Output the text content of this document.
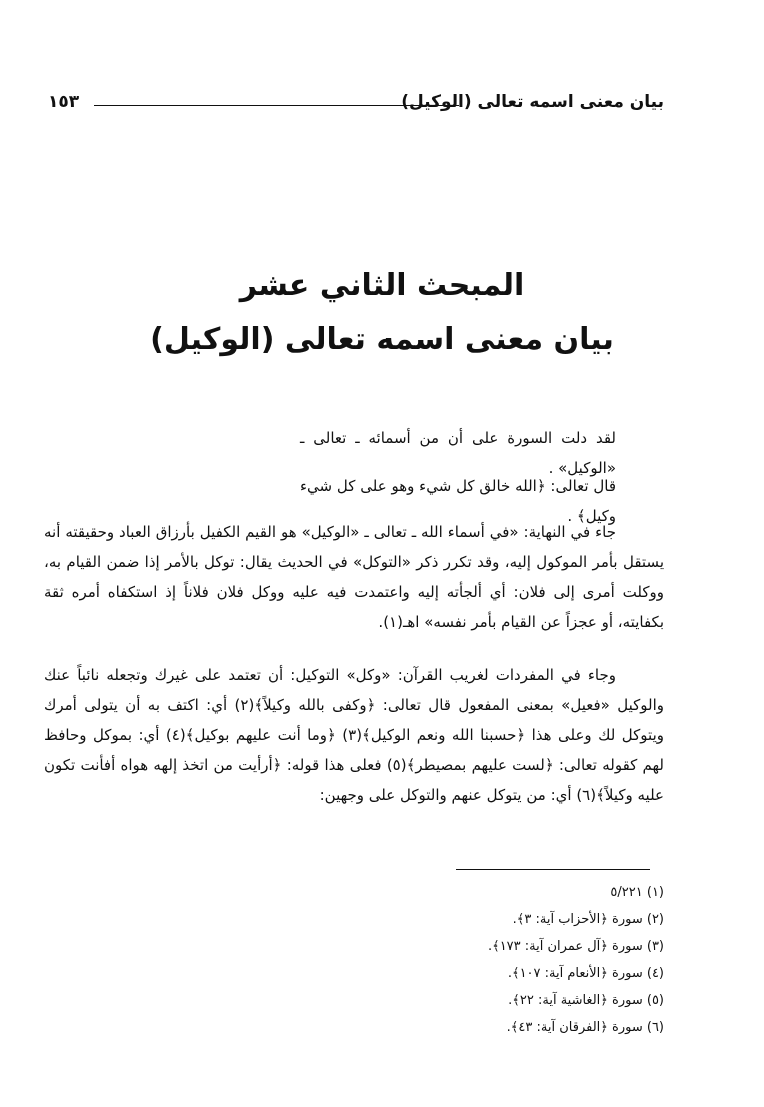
بيان معنى اسمه تعالى (الوكيل)
١٥٣
المبحث الثاني عشر
بيان معنى اسمه تعالى (الوكيل)

لقد دلت السورة على أن من أسمائه ـ تعالى ـ «الوكيل» .

قال تعالى: ﴿الله خالق كل شيء وهو على كل شيء وكيل﴾ .

جاء في النهاية: «في أسماء الله ـ تعالى ـ «الوكيل» هو القيم الكفيل بأرزاق العباد وحقيقته أنه يستقل بأمر الموكول إليه، وقد تكرر ذكر «التوكل» في الحديث يقال: توكل بالأمر إذا ضمن القيام به، ووكلت أمرى إلى فلان: أي ألجأته إليه واعتمدت فيه عليه ووكل فلان فلاناً إذ استكفاه أمره ثقة بكفايته، أو عجزاً عن القيام بأمر نفسه» اهـ(١).

وجاء في المفردات لغريب القرآن: «وكل» التوكيل: أن تعتمد على غيرك وتجعله نائباً عنك والوكيل «فعيل» بمعنى المفعول قال تعالى: ﴿وكفى بالله وكيلاً﴾(٢) أي: اكتف به أن يتولى أمرك ويتوكل لك وعلى هذا ﴿حسبنا الله ونعم الوكيل﴾(٣) ﴿وما أنت عليهم بوكيل﴾(٤) أي: بموكل وحافظ لهم كقوله تعالى: ﴿لست عليهم بمصيطر﴾(٥) فعلى هذا قوله: ﴿أرأيت من اتخذ إلهه هواه أفأنت تكون عليه وكيلاً﴾(٦) أي: من يتوكل عنهم والتوكل على وجهين:

(١) ٥/٢٢١
(٢) سورة ﴿الأحزاب آية: ٣﴾.
(٣) سورة ﴿آل عمران آية: ١٧٣﴾.
(٤) سورة ﴿الأنعام آية: ١٠٧﴾.
(٥) سورة ﴿الغاشية آية: ٢٢﴾.
(٦) سورة ﴿الفرقان آية: ٤٣﴾.
